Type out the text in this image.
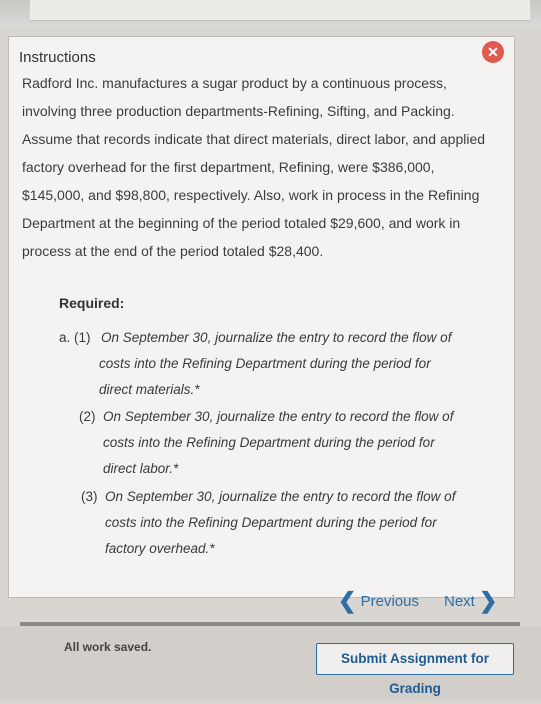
Instructions	✕
Radford Inc. manufactures a sugar product by a continuous process,
involving three production departments-Refining, Sifting, and Packing.
Assume that records indicate that direct materials, direct labor, and applied
factory overhead for the first department, Refining, were $386,000,
$145,000, and $98,800, respectively. Also, work in process in the Refining
Department at the beginning of the period totaled $29,600, and work in
process at the end of the period totaled $28,400.
Required:
a. (1) On September 30, journalize the entry to record the flow of
costs into the Refining Department during the period for
direct materials.*
(2) On September 30, journalize the entry to record the flow of
costs into the Refining Department during the period for
direct labor.*
(3) On September 30, journalize the entry to record the flow of
costs into the Refining Department during the period for
factory overhead.*
❮ Previous Next ❯
All work saved.
Submit Assignment for Grading
